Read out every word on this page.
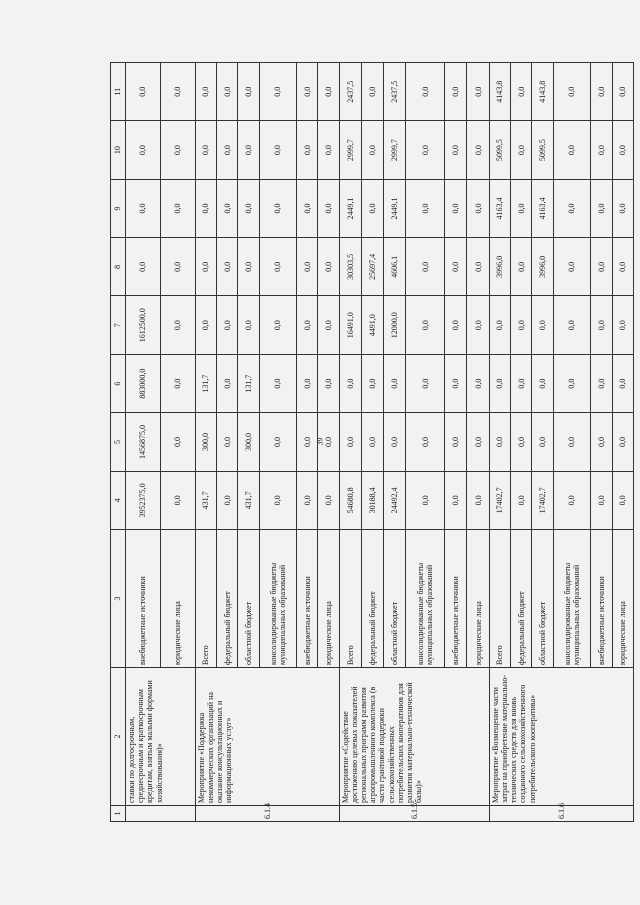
39
1	2	3	4	5	6	7	8	9	10	11
	ставки по долгосрочным, среднесрочным и краткосрочным кредитам, взятым малыми формами хозяйствования)»	внебюджетные источники	3952375,0	1456875,0	883000,0	1612500,0	0,0	0,0	0,0	0,0
		юридические лица	0,0	0,0	0,0	0,0	0,0	0,0	0,0	0,0
6.1.4	Мероприятие «Поддержка некоммерческих организаций на оказание консультационных и информационных услуг»	Всего	431,7	300,0	131,7	0,0	0,0	0,0	0,0	0,0
		федеральный бюджет	0,0	0,0	0,0	0,0	0,0	0,0	0,0	0,0
		областной бюджет	431,7	300,0	131,7	0,0	0,0	0,0	0,0	0,0
		консолидированные бюджеты муниципальных образований	0,0	0,0	0,0	0,0	0,0	0,0	0,0	0,0
		внебюджетные источники	0,0	0,0	0,0	0,0	0,0	0,0	0,0	0,0
		юридические лица	0,0	0,0	0,0	0,0	0,0	0,0	0,0	0,0
6.1.5	Мероприятие «Содействие достижению целевых показателей региональных программ развития агропромышленного комплекса (в части грантовой поддержки сельскохозяйственных потребительских кооперативов для развития материально-технической базы)»	Всего	54680,8	0,0	0,0	16491,0	30303,5	2449,1	2999,7	2437,5
		федеральный бюджет	30188,4	0,0	0,0	4491,0	25697,4	0,0	0,0	0,0
		областной бюджет	24492,4	0,0	0,0	12000,0	4606,1	2449,1	2999,7	2437,5
		консолидированные бюджеты муниципальных образований	0,0	0,0	0,0	0,0	0,0	0,0	0,0	0,0
		внебюджетные источники	0,0	0,0	0,0	0,0	0,0	0,0	0,0	0,0
		юридические лица	0,0	0,0	0,0	0,0	0,0	0,0	0,0	0,0
6.1.6	Мероприятие «Возмещение части затрат на приобретение материально-технических средств для вновь созданного сельскохозяйственного потребительского кооператива»	Всего	17402,7	0,0	0,0	0,0	3996,0	4163,4	5099,5	4143,8
		федеральный бюджет	0,0	0,0	0,0	0,0	0,0	0,0	0,0	0,0
		областной бюджет	17402,7	0,0	0,0	0,0	3996,0	4163,4	5099,5	4143,8
		консолидированные бюджеты муниципальных образований	0,0	0,0	0,0	0,0	0,0	0,0	0,0	0,0
		внебюджетные источники	0,0	0,0	0,0	0,0	0,0	0,0	0,0	0,0
		юридические лица	0,0	0,0	0,0	0,0	0,0	0,0	0,0	0,0
